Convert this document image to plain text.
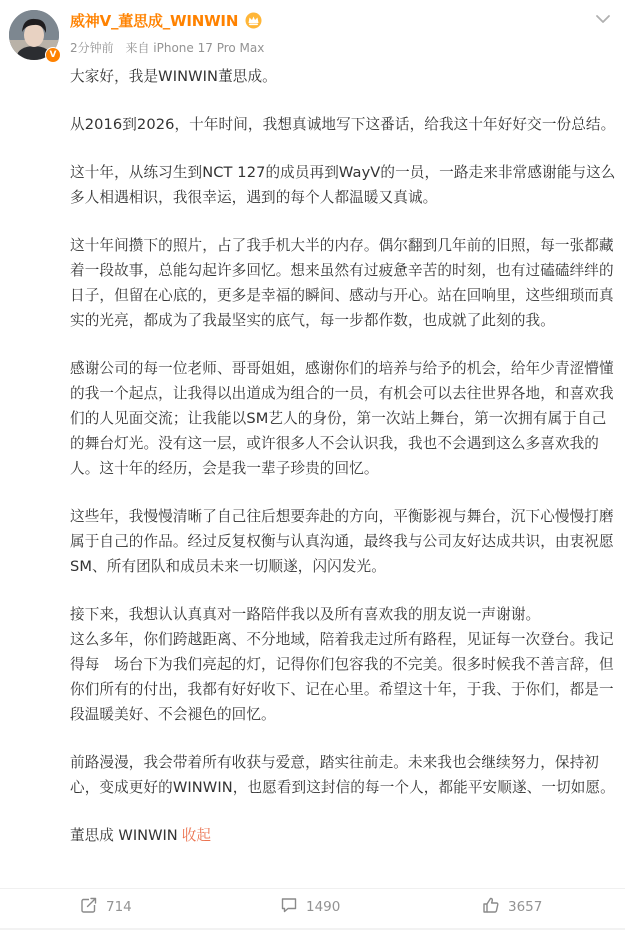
V
威神V_董思成_WINWIN
2分钟前 来自 iPhone 17 Pro Max

大家好，我是WINWIN董思成。

从2016到2026，十年时间，我想真诚地写下这番话，给我这十年好好交一份总结。

这十年，从练习生到NCT 127的成员再到WayV的一员，一路走来非常感谢能与这么多人相遇相识，我很幸运，遇到的每个人都温暖又真诚。

这十年间攒下的照片，占了我手机大半的内存。偶尔翻到几年前的旧照，每一张都藏着一段故事，总能勾起许多回忆。想来虽然有过疲惫辛苦的时刻，也有过磕磕绊绊的日子，但留在心底的，更多是幸福的瞬间、感动与开心。站在回响里，这些细琐而真实的光亮，都成为了我最坚实的底气，每一步都作数，也成就了此刻的我。

感谢公司的每一位老师、哥哥姐姐，感谢你们的培养与给予的机会，给年少青涩懵懂的我一个起点，让我得以出道成为组合的一员，有机会可以去往世界各地，和喜欢我们的人见面交流；让我能以SM艺人的身份，第一次站上舞台，第一次拥有属于自己的舞台灯光。没有这一层，或许很多人不会认识我，我也不会遇到这么多喜欢我的人。这十年的经历，会是我一辈子珍贵的回忆。

这些年，我慢慢清晰了自己往后想要奔赴的方向，平衡影视与舞台，沉下心慢慢打磨属于自己的作品。经过反复权衡与认真沟通，最终我与公司友好达成共识，由衷祝愿SM、所有团队和成员未来一切顺遂，闪闪发光。

接下来，我想认认真真对一路陪伴我以及所有喜欢我的朋友说一声谢谢。

这么多年，你们跨越距离、不分地域，陪着我走过所有路程，见证每一次登台。我记得每　场台下为我们亮起的灯，记得你们包容我的不完美。很多时候我不善言辞，但你们所有的付出，我都有好好收下、记在心里。希望这十年，于我、于你们，都是一段温暖美好、不会褪色的回忆。

前路漫漫，我会带着所有收获与爱意，踏实往前走。未来我也会继续努力，保持初心，变成更好的WINWIN，也愿看到这封信的每一个人，都能平安顺遂、一切如愿。

董思成 WINWIN 收起
714	1490	3657
